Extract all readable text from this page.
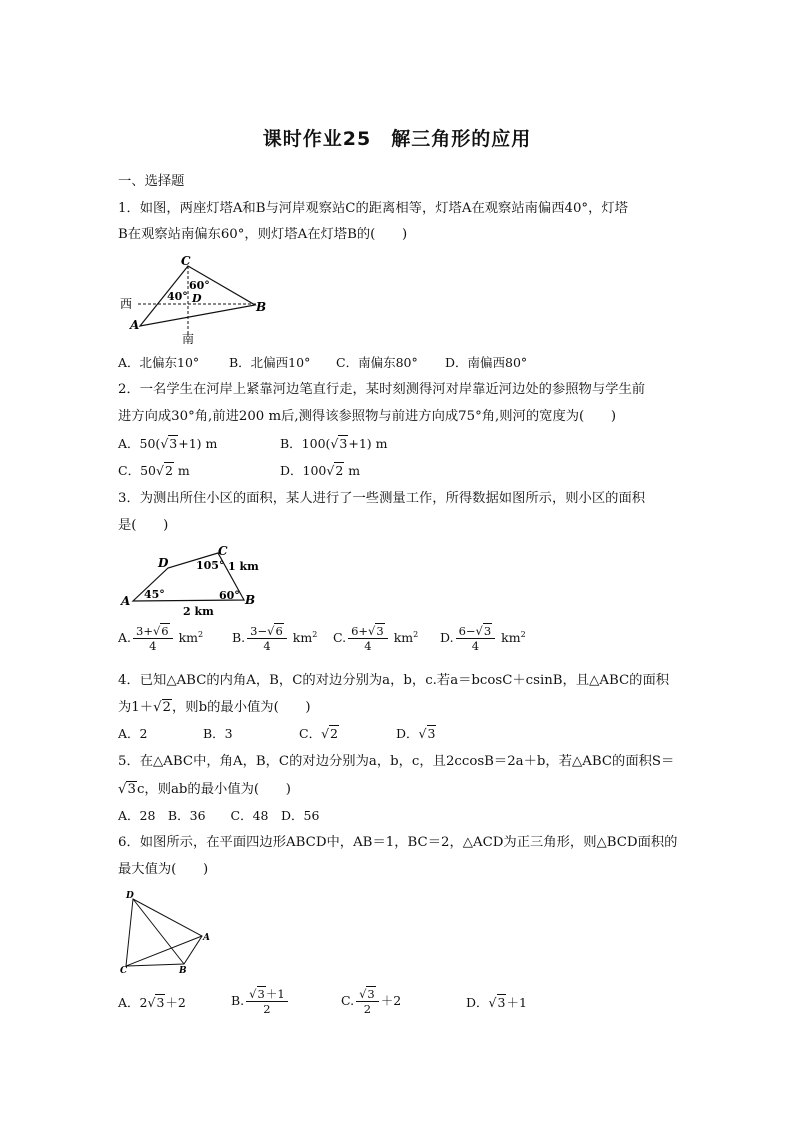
课时作业25　解三角形的应用
一、选择题
1．如图，两座灯塔A和B与河岸观察站C的距离相等，灯塔A在观察站南偏西40°，灯塔
B在观察站南偏东60°，则灯塔A在灯塔B的(　　)
C
60°
40° D
西	B
A
南
A．北偏东10° B．北偏西10° C．南偏东80° D．南偏西80°
2．一名学生在河岸上紧靠河边笔直行走，某时刻测得河对岸靠近河边处的参照物与学生前
进方向成30°角,前进200 m后,测得该参照物与前进方向成75°角,则河的宽度为(　　)
A．50(√3+1) m	B．100(√3+1) m
C．50√2 m	D．100√2 m
3．为测出所住小区的面积，某人进行了一些测量工作，所得数据如图所示，则小区的面积
是(　　)
D
C
105° 1 km
A 45°	60° B
2 km
A. $\frac{3+√6}{4} km^2$ B. $\frac{3-√6}{4} km^2$ C. $\frac{6+√3}{4} km^2$ D. $\frac{6-√3}{4} km^2$
4．已知△ABC的内角A，B，C的对边分别为a，b，c.若a＝bcosC＋csinB，且△ABC的面积
为1＋√2，则b的最小值为(　　)
A．2	B．3	C．√2	D．√3
5．在△ABC中，角A，B，C的对边分别为a，b，c，且2ccosB＝2a＋b，若△ABC的面积S＝
√3c，则ab的最小值为(　　)
A．28　B．36　　C．48　D．56
6．如图所示，在平面四边形ABCD中，AB＝1，BC＝2，△ACD为正三角形，则△BCD面积的
最大值为(　　)
D
A
C	B
A．2√3＋2	B. $\frac{√3+1}{2}$	C. $\frac{√3}{2} +2$	D．√3＋1
